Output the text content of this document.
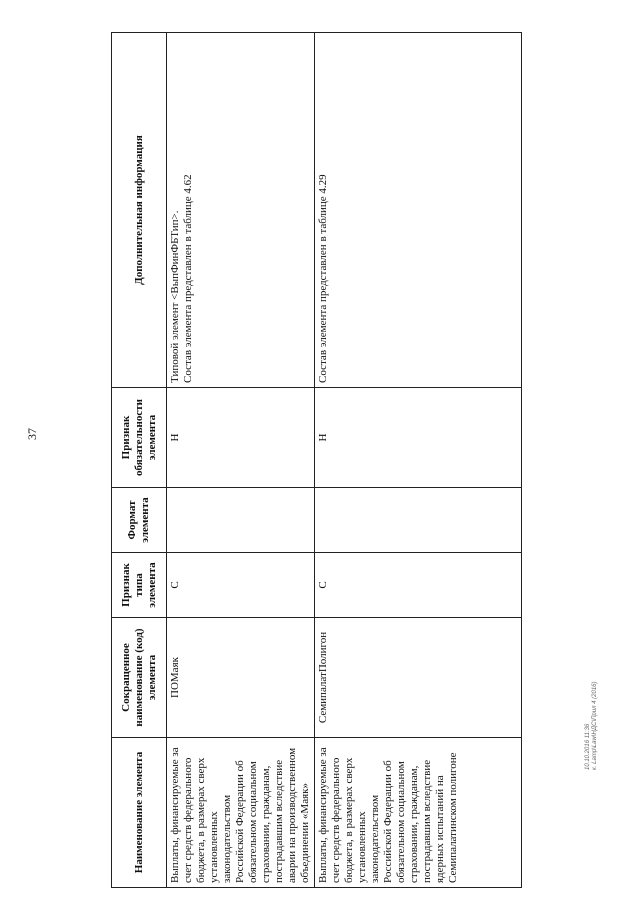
37
Наименование элемента	Сокращенное наименование (код) элемента	Признак типа элемента	Формат элемента	Признак обязательности элемента	Дополнительная информация
Выплаты, финансируемые за счет средств федерального бюджета, в размерах сверх установленных законодательством Российской Федерации об обязательном социальном страховании, гражданам, пострадавшим вследствие аварии на производственном объединении «Маяк»	ПОМаяк	С		Н	Типовой элемент <ВыпФинФБТип>. Состав элемента представлен в таблице 4.62

Выплаты, финансируемые за счет средств федерального бюджета, в размерах сверх установленных законодательством Российской Федерации об обязательном социальном страховании, гражданам, пострадавшим вследствие ядерных испытаний на Семипалатинском полигоне	СемипалатПолигон	С		Н	Состав элемента представлен в таблице 4.29
10.10.2016 11:36 к. Lamp\Law\НДС\Прил 4 (2016)
